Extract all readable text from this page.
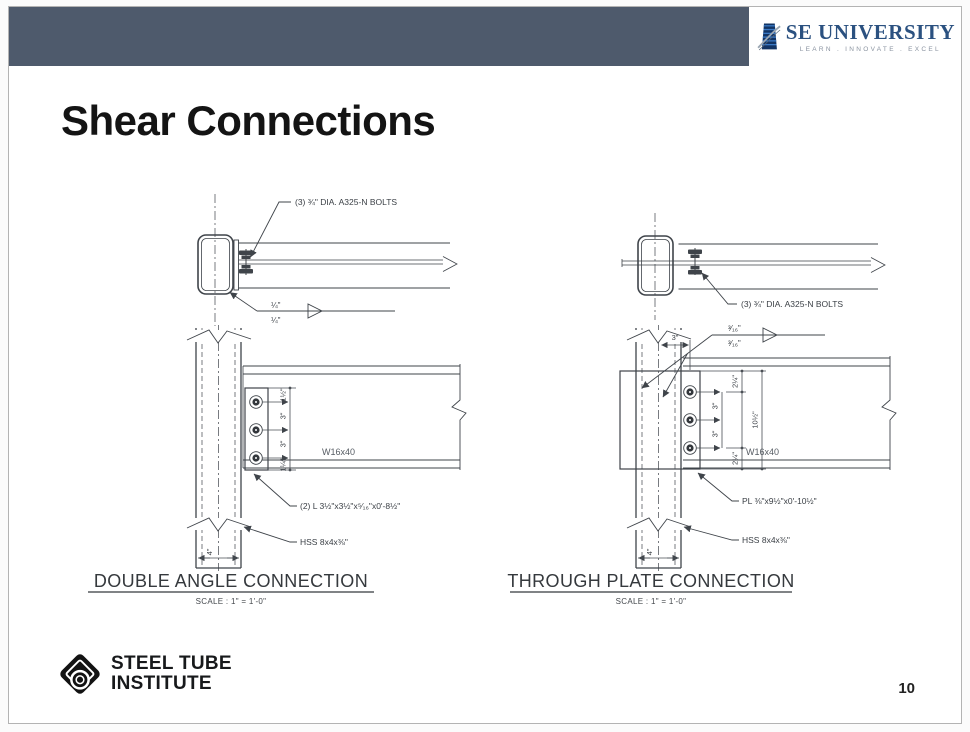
SE UNIVERSITY
LEARN . INNOVATE . EXCEL
Shear Connections
(3) ¾" DIA. A325-N BOLTS
¼"
¼"
1½"
3"
3"
1¼"
4"
W16x40
(2) L 3½"x3½"x⁵⁄₁₆"x0'-8½"
HSS 8x4x⅜"
DOUBLE ANGLE CONNECTION
SCALE : 1" = 1'-0"
(3) ¾" DIA. A325-N BOLTS
³⁄₁₆"
³⁄₁₆"
3"
3"
3"
2¼"
2¼"
10½"
4"
W16x40
PL ⅜"x9½"x0'-10½"
HSS 8x4x⅜"
THROUGH PLATE CONNECTION
SCALE : 1" = 1'-0"
STEEL TUBE
INSTITUTE	10
